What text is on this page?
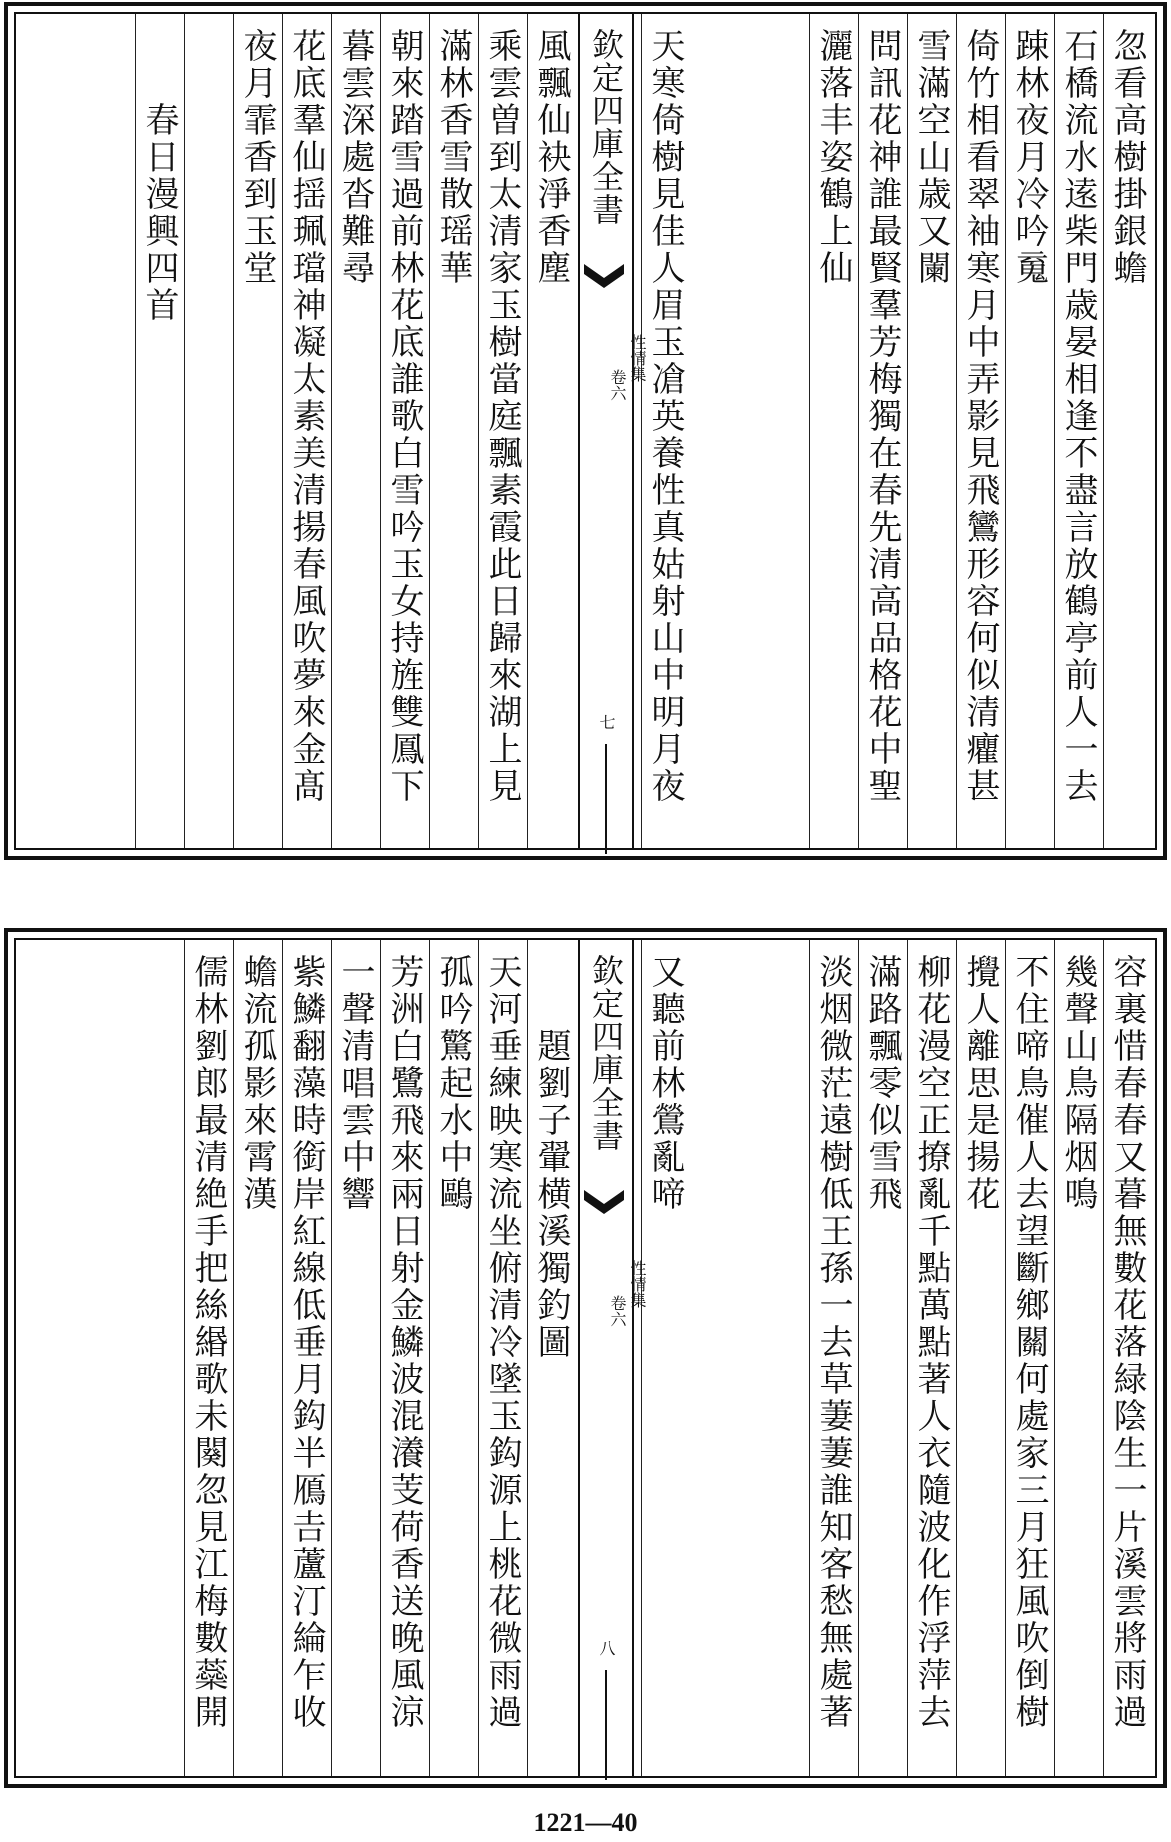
忽看高樹掛銀蟾
石橋流水逺柴門歳晏相逢不盡言放鶴亭前人一去
踈林夜月冷吟䰟
倚竹相看翠袖寒月中弄影見飛鸞形容何似清癯甚
雪滿空山歳又闌
問訊花神誰最賢羣芳梅獨在春先清高品格花中聖
灑落丰姿鶴上仙
天寒倚樹見佳人眉玉凔英養性真姑射山中明月夜
欽定四庫全書
性情集
卷六
七
風飄仙袂淨香塵
乘雲曽到太清家玉樹當庭飄素霞此日歸來湖上見
滿林香雪散瑶華
朝來踏雪過前林花底誰歌白雪吟玉女持旌雙鳳下
暮雲深處沓難尋
花底羣仙揺珮璫神凝太素美清揚春風吹夢來金髙
夜月霏香到玉堂
春日漫興四首
容裏惜春春又暮無數花落緑陰生一片溪雲將雨過
幾聲山鳥隔烟鳴
不住啼鳥催人去望斷鄉關何處家三月狂風吹倒樹
攪人離思是揚花
柳花漫空正撩亂千點萬點著人衣隨波化作浮萍去
滿路飄零似雪飛
淡烟微茫遠樹低王孫一去草萋萋誰知客愁無處著
又聽前林鶯亂啼
欽定四庫全書
性情集
卷六
八
題劉子翬横溪獨釣圖
天河垂練映寒流坐俯清冷墜玉鈎源上桃花微雨過
孤吟驚起水中鷗
芳洲白鷺飛來兩日射金鱗波混瀁芰荷香送晚風涼
一聲清唱雲中響
紫鱗翻藻時銜岸紅線低垂月鈎半鴈𠮷蘆汀綸乍收
蟾流孤影來霄漢
儒林劉郎最清絶手把絲緡歌未闋忽見江梅數蘂開
1221—40
